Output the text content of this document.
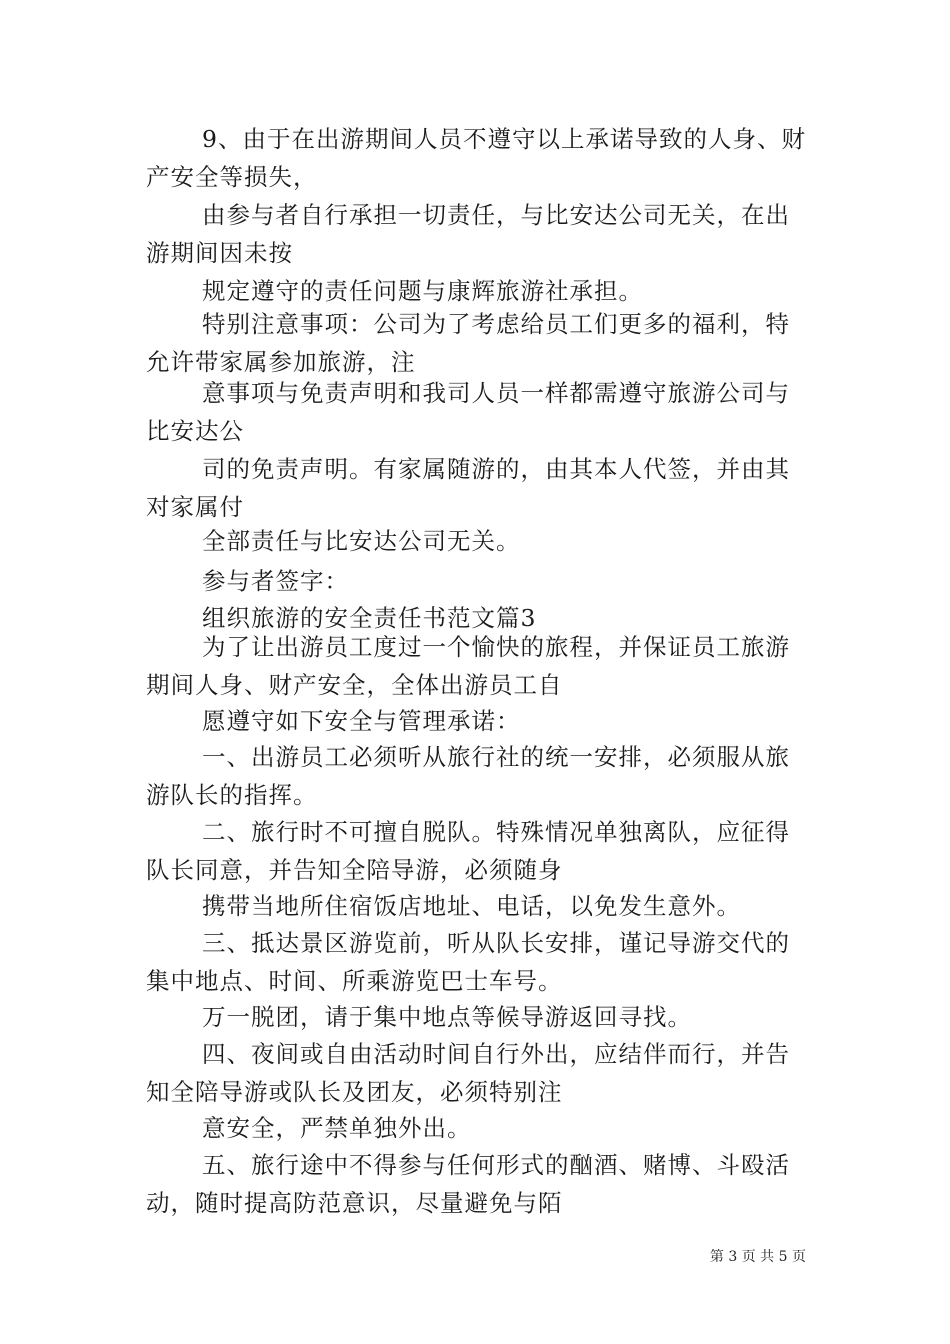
9、由于在出游期间人员不遵守以上承诺导致的人身、财产安全等损失，

由参与者自行承担一切责任，与比安达公司无关，在出游期间因未按

规定遵守的责任问题与康辉旅游社承担。

特别注意事项：公司为了考虑给员工们更多的福利，特允许带家属参加旅游，注

意事项与免责声明和我司人员一样都需遵守旅游公司与比安达公

司的免责声明。有家属随游的，由其本人代签，并由其对家属付

全部责任与比安达公司无关。

参与者签字：

组织旅游的安全责任书范文篇3

为了让出游员工度过一个愉快的旅程，并保证员工旅游期间人身、财产安全，全体出游员工自

愿遵守如下安全与管理承诺：

一、出游员工必须听从旅行社的统一安排，必须服从旅游队长的指挥。

二、旅行时不可擅自脱队。特殊情况单独离队，应征得队长同意，并告知全陪导游，必须随身

携带当地所住宿饭店地址、电话，以免发生意外。

三、抵达景区游览前，听从队长安排，谨记导游交代的集中地点、时间、所乘游览巴士车号。

万一脱团，请于集中地点等候导游返回寻找。

四、夜间或自由活动时间自行外出，应结伴而行，并告知全陪导游或队长及团友，必须特别注

意安全，严禁单独外出。

五、旅行途中不得参与任何形式的酗酒、赌博、斗殴活动，随时提高防范意识，尽量避免与陌

第 3 页 共 5 页
